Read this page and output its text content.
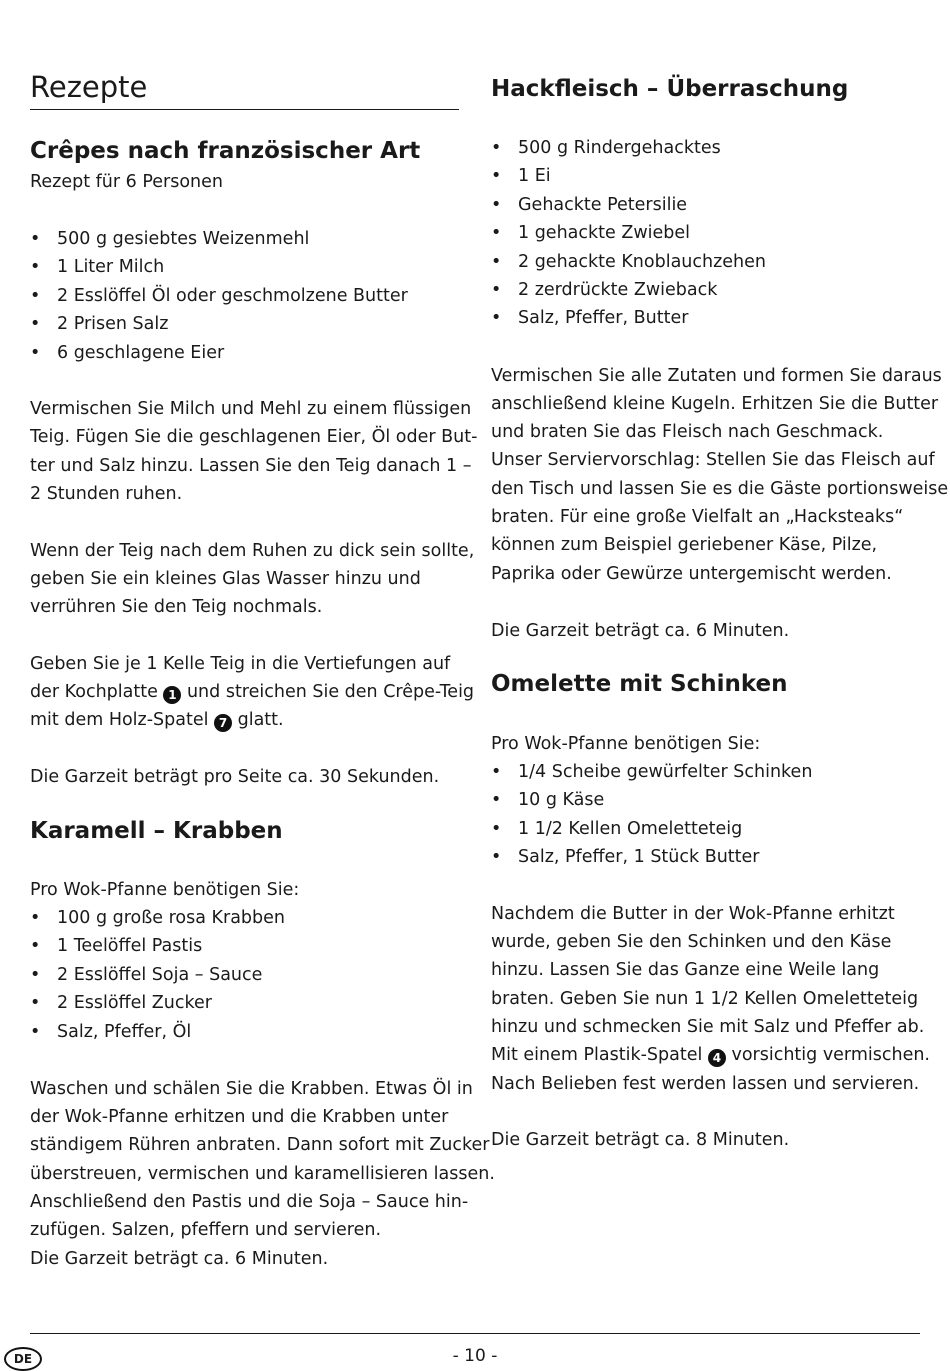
Rezepte
Crêpes nach französischer Art
Rezept für 6 Personen
• 500 g gesiebtes Weizenmehl
• 1 Liter Milch
• 2 Esslöffel Öl oder geschmolzene Butter
• 2 Prisen Salz
• 6 geschlagene Eier
Vermischen Sie Milch und Mehl zu einem flüssigen
Teig. Fügen Sie die geschlagenen Eier, Öl oder But-
ter und Salz hinzu. Lassen Sie den Teig danach 1 –
2 Stunden ruhen.
Wenn der Teig nach dem Ruhen zu dick sein sollte,
geben Sie ein kleines Glas Wasser hinzu und
verrühren Sie den Teig nochmals.
Geben Sie je 1 Kelle Teig in die Vertiefungen auf
der Kochplatte 1 und streichen Sie den Crêpe-Teig
mit dem Holz-Spatel 7 glatt.
Die Garzeit beträgt pro Seite ca. 30 Sekunden.
Karamell – Krabben
Pro Wok-Pfanne benötigen Sie:
• 100 g große rosa Krabben
• 1 Teelöffel Pastis
• 2 Esslöffel Soja – Sauce
• 2 Esslöffel Zucker
• Salz, Pfeffer, Öl
Waschen und schälen Sie die Krabben. Etwas Öl in
der Wok-Pfanne erhitzen und die Krabben unter
ständigem Rühren anbraten. Dann sofort mit Zucker
überstreuen, vermischen und karamellisieren lassen.
Anschließend den Pastis und die Soja – Sauce hin-
zufügen. Salzen, pfeffern und servieren.
Die Garzeit beträgt ca. 6 Minuten.
Hackfleisch – Überraschung
• 500 g Rindergehacktes
• 1 Ei
• Gehackte Petersilie
• 1 gehackte Zwiebel
• 2 gehackte Knoblauchzehen
• 2 zerdrückte Zwieback
• Salz, Pfeffer, Butter
Vermischen Sie alle Zutaten und formen Sie daraus
anschließend kleine Kugeln. Erhitzen Sie die Butter
und braten Sie das Fleisch nach Geschmack.
Unser Serviervorschlag: Stellen Sie das Fleisch auf
den Tisch und lassen Sie es die Gäste portionsweise
braten. Für eine große Vielfalt an „Hacksteaks“
können zum Beispiel geriebener Käse, Pilze,
Paprika oder Gewürze untergemischt werden.
Die Garzeit beträgt ca. 6 Minuten.
Omelette mit Schinken
Pro Wok-Pfanne benötigen Sie:
• 1/4 Scheibe gewürfelter Schinken
• 10 g Käse
• 1 1/2 Kellen Omeletteteig
• Salz, Pfeffer, 1 Stück Butter
Nachdem die Butter in der Wok-Pfanne erhitzt
wurde, geben Sie den Schinken und den Käse
hinzu. Lassen Sie das Ganze eine Weile lang
braten. Geben Sie nun 1 1/2 Kellen Omeletteteig
hinzu und schmecken Sie mit Salz und Pfeffer ab.
Mit einem Plastik-Spatel 4 vorsichtig vermischen.
Nach Belieben fest werden lassen und servieren.
Die Garzeit beträgt ca. 8 Minuten.
DE	- 10 -
